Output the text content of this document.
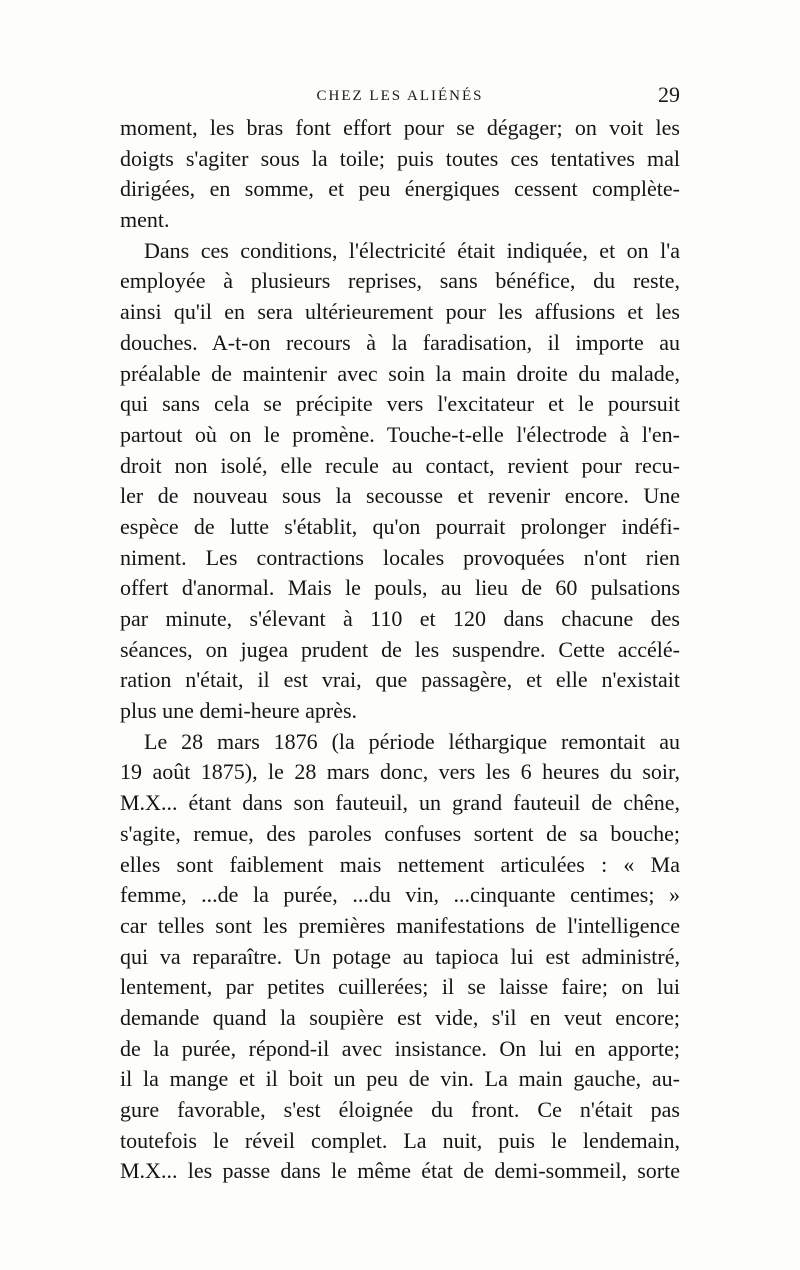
CHEZ LES ALIÉNÉS	29
moment, les bras font effort pour se dégager; on voit les
doigts s'agiter sous la toile; puis toutes ces tentatives mal
dirigées, en somme, et peu énergiques cessent complète-
ment.
Dans ces conditions, l'électricité était indiquée, et on l'a
employée à plusieurs reprises, sans bénéfice, du reste,
ainsi qu'il en sera ultérieurement pour les affusions et les
douches. A-t-on recours à la faradisation, il importe au
préalable de maintenir avec soin la main droite du malade,
qui sans cela se précipite vers l'excitateur et le poursuit
partout où on le promène. Touche-t-elle l'électrode à l'en-
droit non isolé, elle recule au contact, revient pour recu-
ler de nouveau sous la secousse et revenir encore. Une
espèce de lutte s'établit, qu'on pourrait prolonger indéfi-
niment. Les contractions locales provoquées n'ont rien
offert d'anormal. Mais le pouls, au lieu de 60 pulsations
par minute, s'élevant à 110 et 120 dans chacune des
séances, on jugea prudent de les suspendre. Cette accélé-
ration n'était, il est vrai, que passagère, et elle n'existait
plus une demi-heure après.
Le 28 mars 1876 (la période léthargique remontait au
19 août 1875), le 28 mars donc, vers les 6 heures du soir,
M.X... étant dans son fauteuil, un grand fauteuil de chêne,
s'agite, remue, des paroles confuses sortent de sa bouche;
elles sont faiblement mais nettement articulées : « Ma
femme, ...de la purée, ...du vin, ...cinquante centimes; »
car telles sont les premières manifestations de l'intelligence
qui va reparaître. Un potage au tapioca lui est administré,
lentement, par petites cuillerées; il se laisse faire; on lui
demande quand la soupière est vide, s'il en veut encore;
de la purée, répond-il avec insistance. On lui en apporte;
il la mange et il boit un peu de vin. La main gauche, au-
gure favorable, s'est éloignée du front. Ce n'était pas
toutefois le réveil complet. La nuit, puis le lendemain,
M.X... les passe dans le même état de demi-sommeil, sorte
